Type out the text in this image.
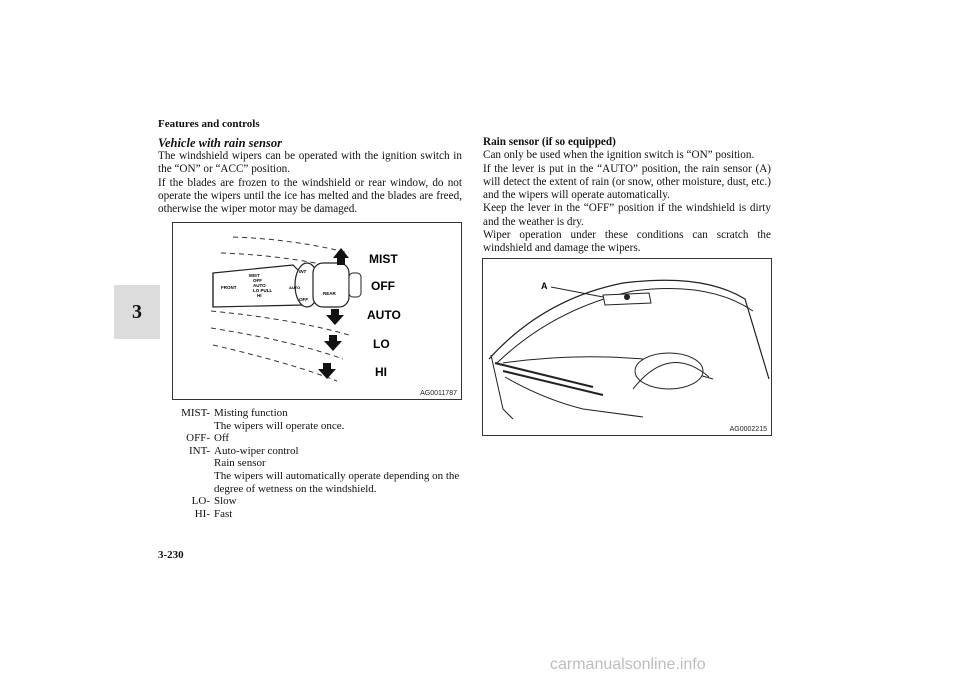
Features and controls
3

Vehicle with rain sensor

The windshield wipers can be operated with the ignition switch in the “ON” or “ACC” position.

If the blades are frozen to the windshield or rear window, do not operate the wipers until the ice has melted and the blades are freed, otherwise the wiper motor may be damaged.

FRONT
MIST
OFF
AUTO
LO PULL
HI
INT
AUTO
OFF
REAR
MIST
OFF
AUTO
LO
HI
AG0011787
MIST- Misting function
The wipers will operate once.
OFF- Off
INT- Auto-wiper control
Rain sensor
The wipers will automatically operate depending on the degree of wetness on the windshield.
LO- Slow
HI- Fast

Rain sensor (if so equipped)

Can only be used when the ignition switch is “ON” position.

If the lever is put in the “AUTO” position, the rain sensor (A) will detect the extent of rain (or snow, other moisture, dust, etc.) and the wipers will operate automatically.

Keep the lever in the “OFF” position if the windshield is dirty and the weather is dry.

Wiper operation under these conditions can scratch the windshield and damage the wipers.

A
AG0002215
3-230
carmanualsonline.info
